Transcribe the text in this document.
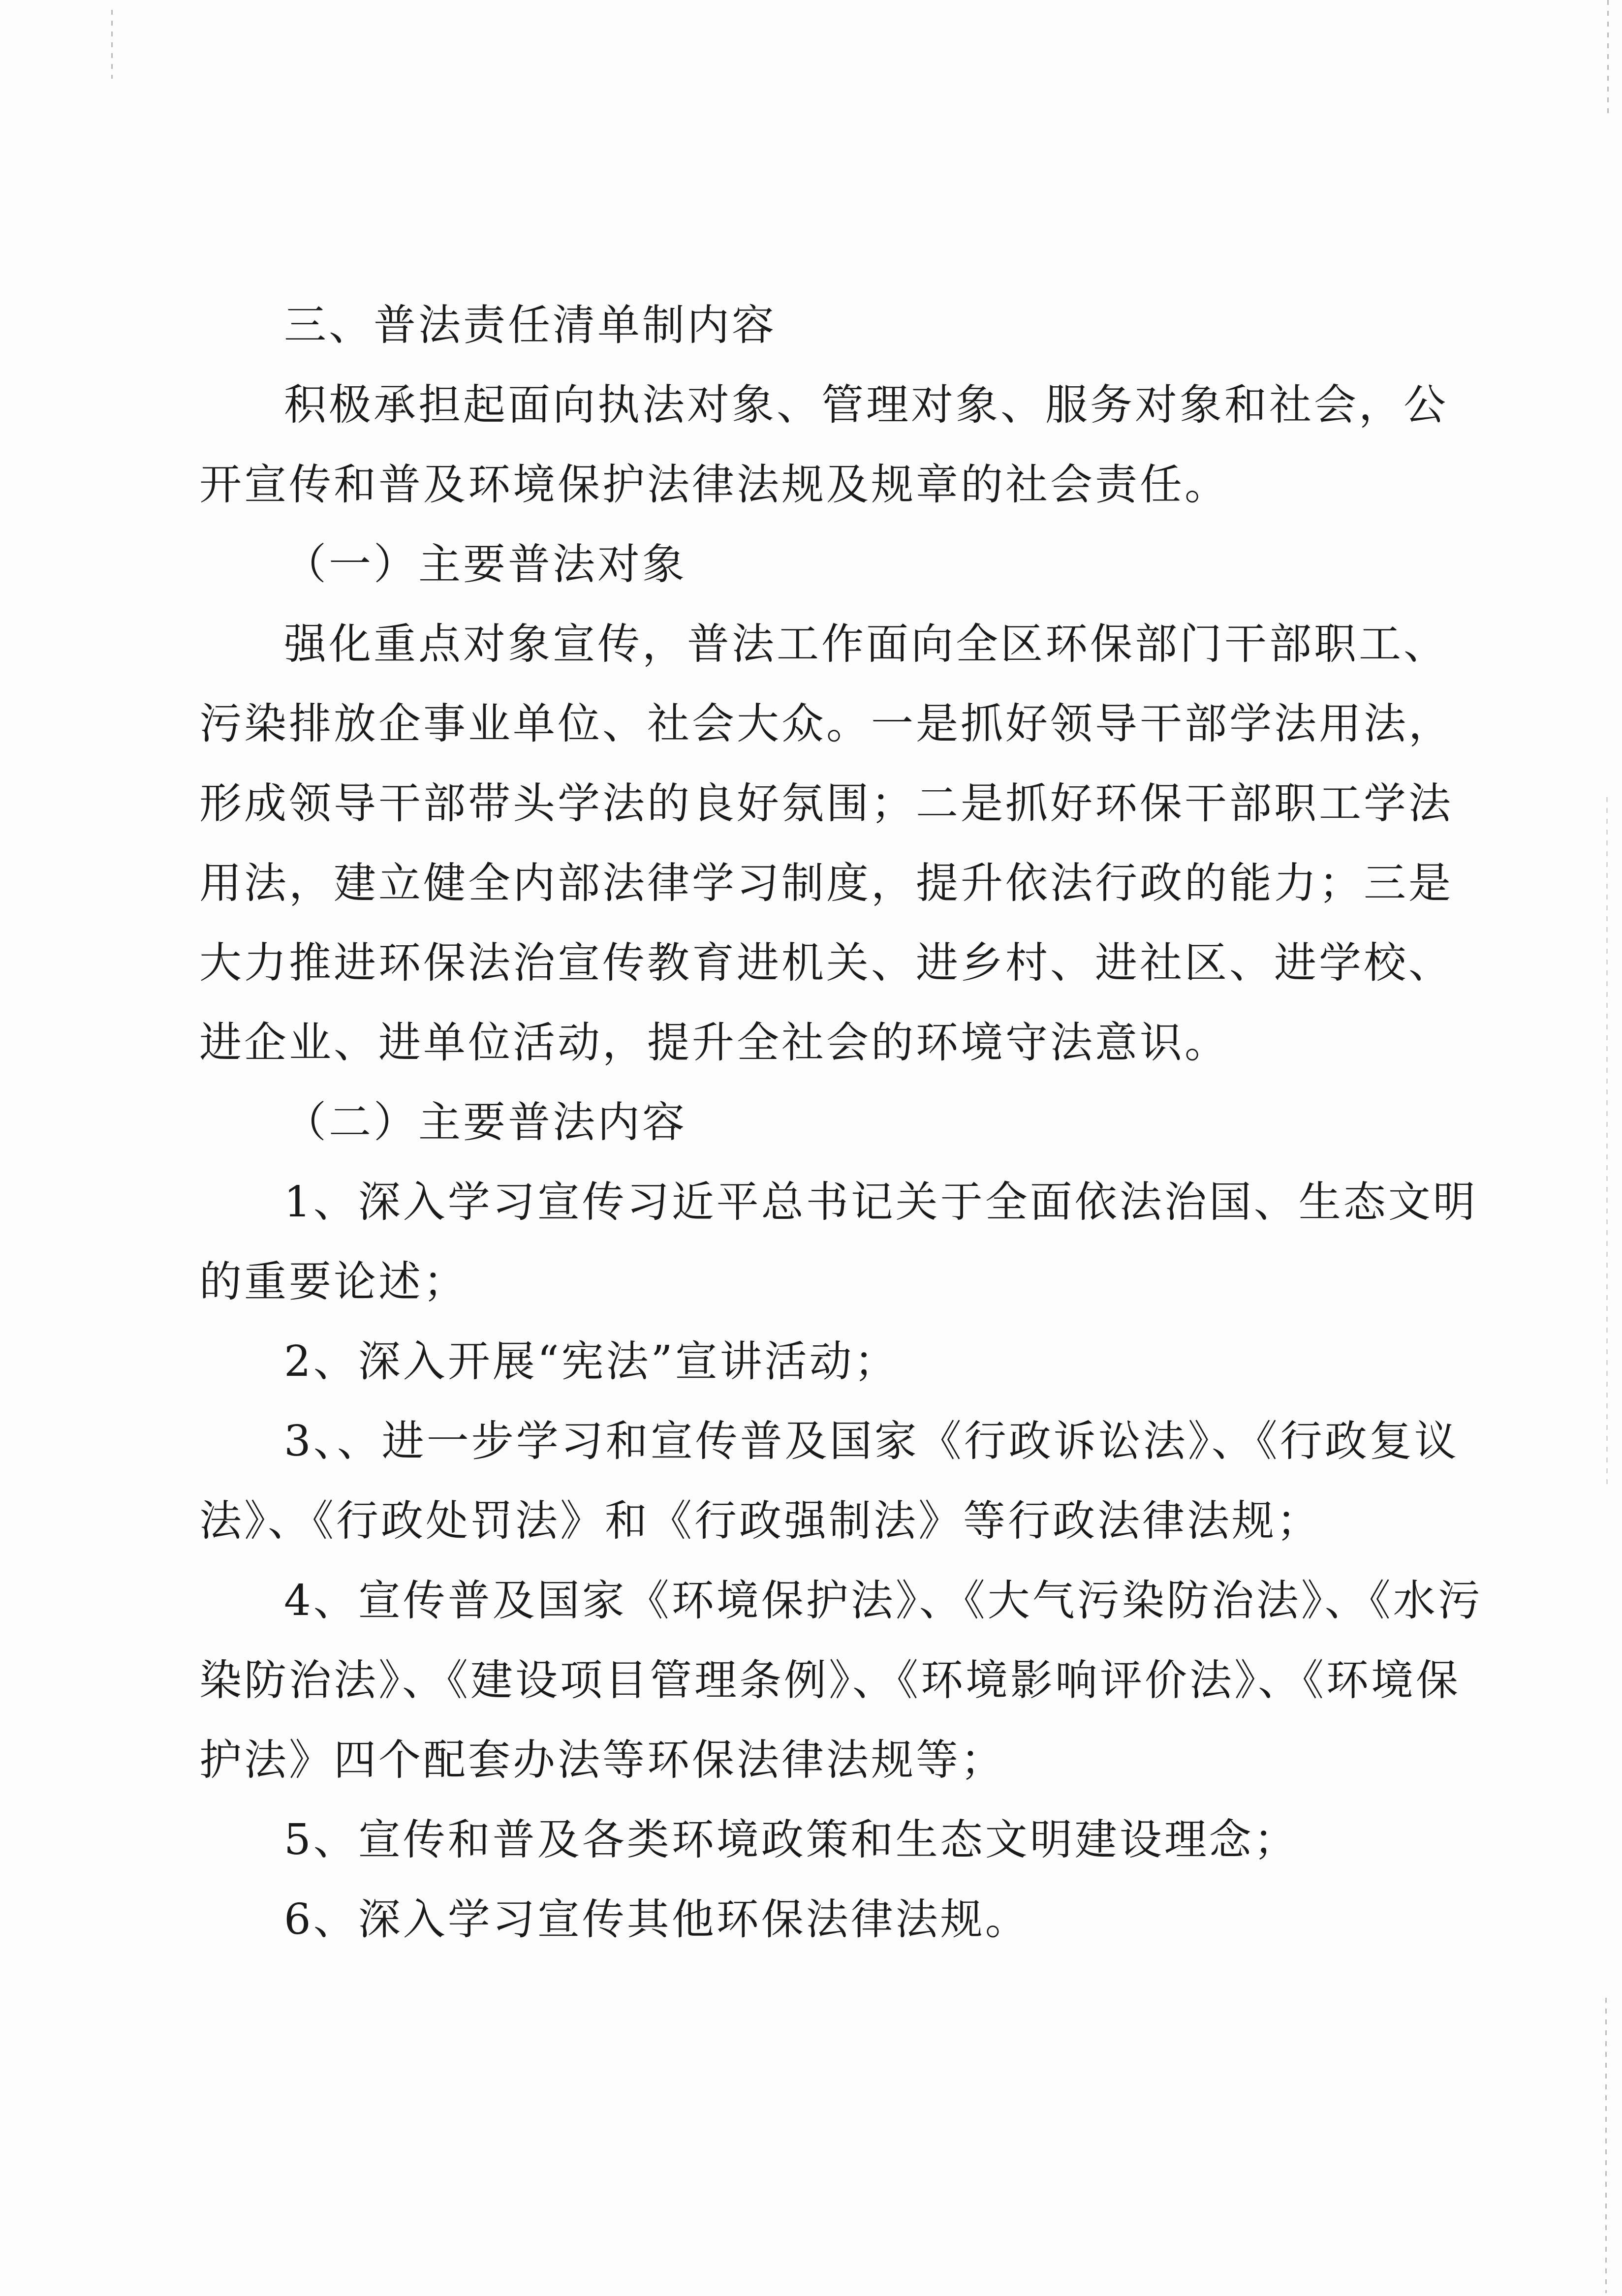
三、普法责任清单制内容
积极承担起面向执法对象、管理对象、服务对象和社会，公
开宣传和普及环境保护法律法规及规章的社会责任。
（一）主要普法对象
强化重点对象宣传，普法工作面向全区环保部门干部职工、
污染排放企事业单位、社会大众。一是抓好领导干部学法用法，
形成领导干部带头学法的良好氛围；二是抓好环保干部职工学法
用法，建立健全内部法律学习制度，提升依法行政的能力；三是
大力推进环保法治宣传教育进机关、进乡村、进社区、进学校、
进企业、进单位活动，提升全社会的环境守法意识。
（二）主要普法内容
1、深入学习宣传习近平总书记关于全面依法治国、生态文明
的重要论述；
2、深入开展“宪法”宣讲活动；
3、、进一步学习和宣传普及国家《行政诉讼法》、《行政复议
法》、《行政处罚法》和《行政强制法》等行政法律法规；
4、宣传普及国家《环境保护法》、《大气污染防治法》、《水污
染防治法》、《建设项目管理条例》、《环境影响评价法》、《环境保
护法》四个配套办法等环保法律法规等；
5、宣传和普及各类环境政策和生态文明建设理念；
6、深入学习宣传其他环保法律法规。
